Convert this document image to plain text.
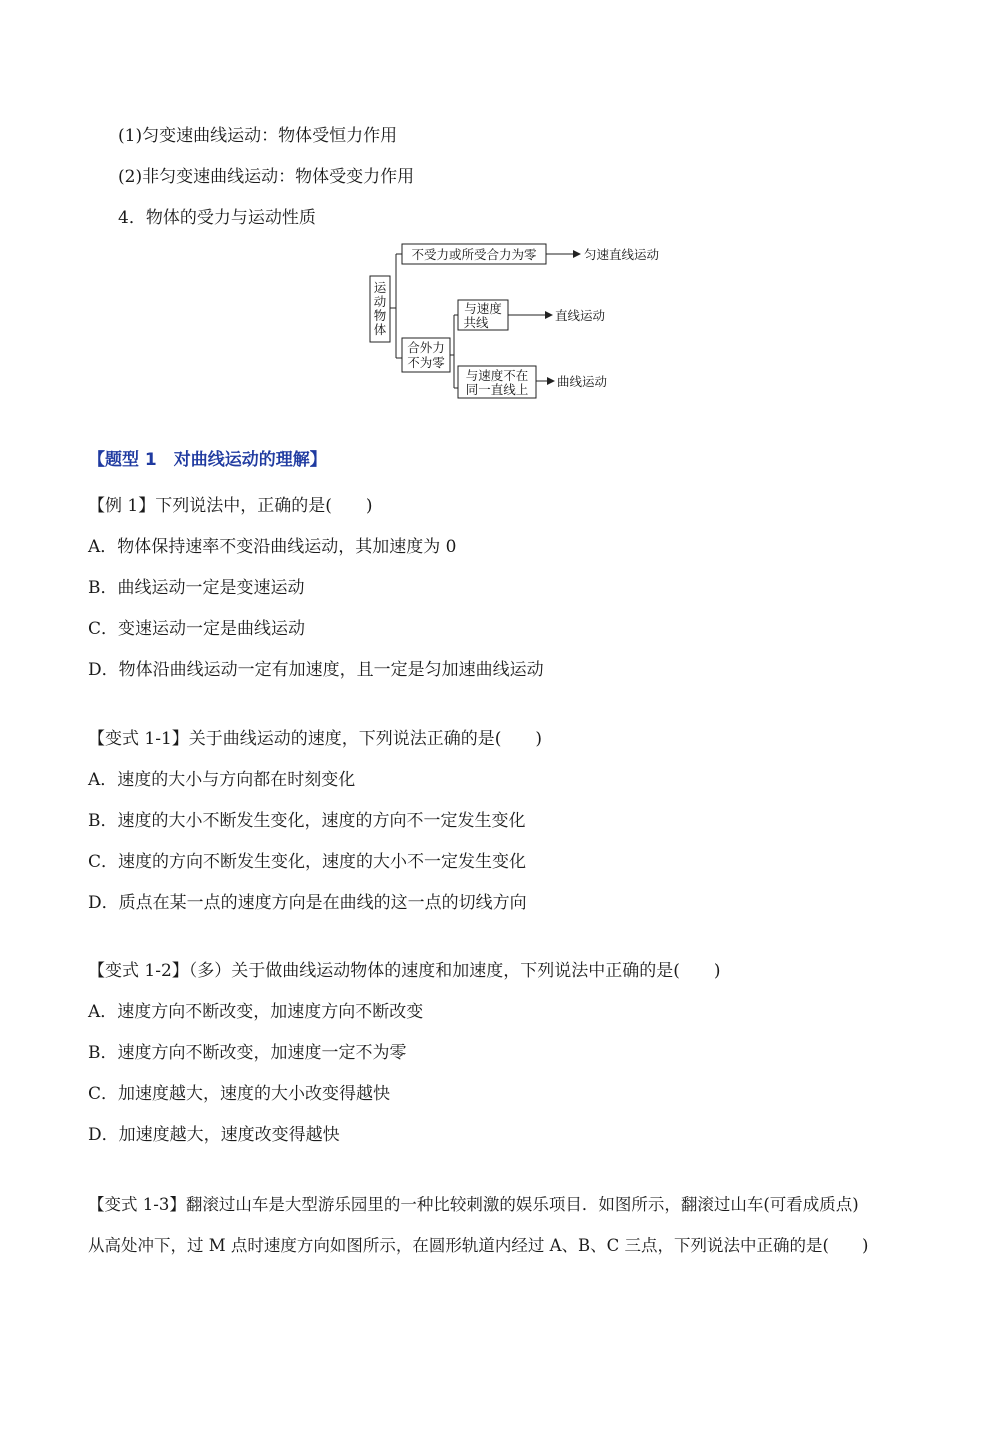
(1)匀变速曲线运动：物体受恒力作用
(2)非匀变速曲线运动：物体受变力作用
4．物体的受力与运动性质
运
动
物
体
不受力或所受合力为零	匀速直线运动
合外力
不为零
与速度
共线	直线运动
与速度不在
同一直线上
曲线运动
【题型 1　对曲线运动的理解】
【例 1】下列说法中，正确的是(　　)
A．物体保持速率不变沿曲线运动，其加速度为 0
B．曲线运动一定是变速运动
C．变速运动一定是曲线运动
D．物体沿曲线运动一定有加速度，且一定是匀加速曲线运动
【变式 1-1】关于曲线运动的速度，下列说法正确的是(　　)
A．速度的大小与方向都在时刻变化
B．速度的大小不断发生变化，速度的方向不一定发生变化
C．速度的方向不断发生变化，速度的大小不一定发生变化
D．质点在某一点的速度方向是在曲线的这一点的切线方向
【变式 1-2】（多）关于做曲线运动物体的速度和加速度，下列说法中正确的是(　　)
A．速度方向不断改变，加速度方向不断改变
B．速度方向不断改变，加速度一定不为零
C．加速度越大，速度的大小改变得越快
D．加速度越大，速度改变得越快
【变式 1-3】翻滚过山车是大型游乐园里的一种比较刺激的娱乐项目．如图所示，翻滚过山车(可看成质点)
从高处冲下，过 M 点时速度方向如图所示，在圆形轨道内经过 A、B、C 三点，下列说法中正确的是(　　)
